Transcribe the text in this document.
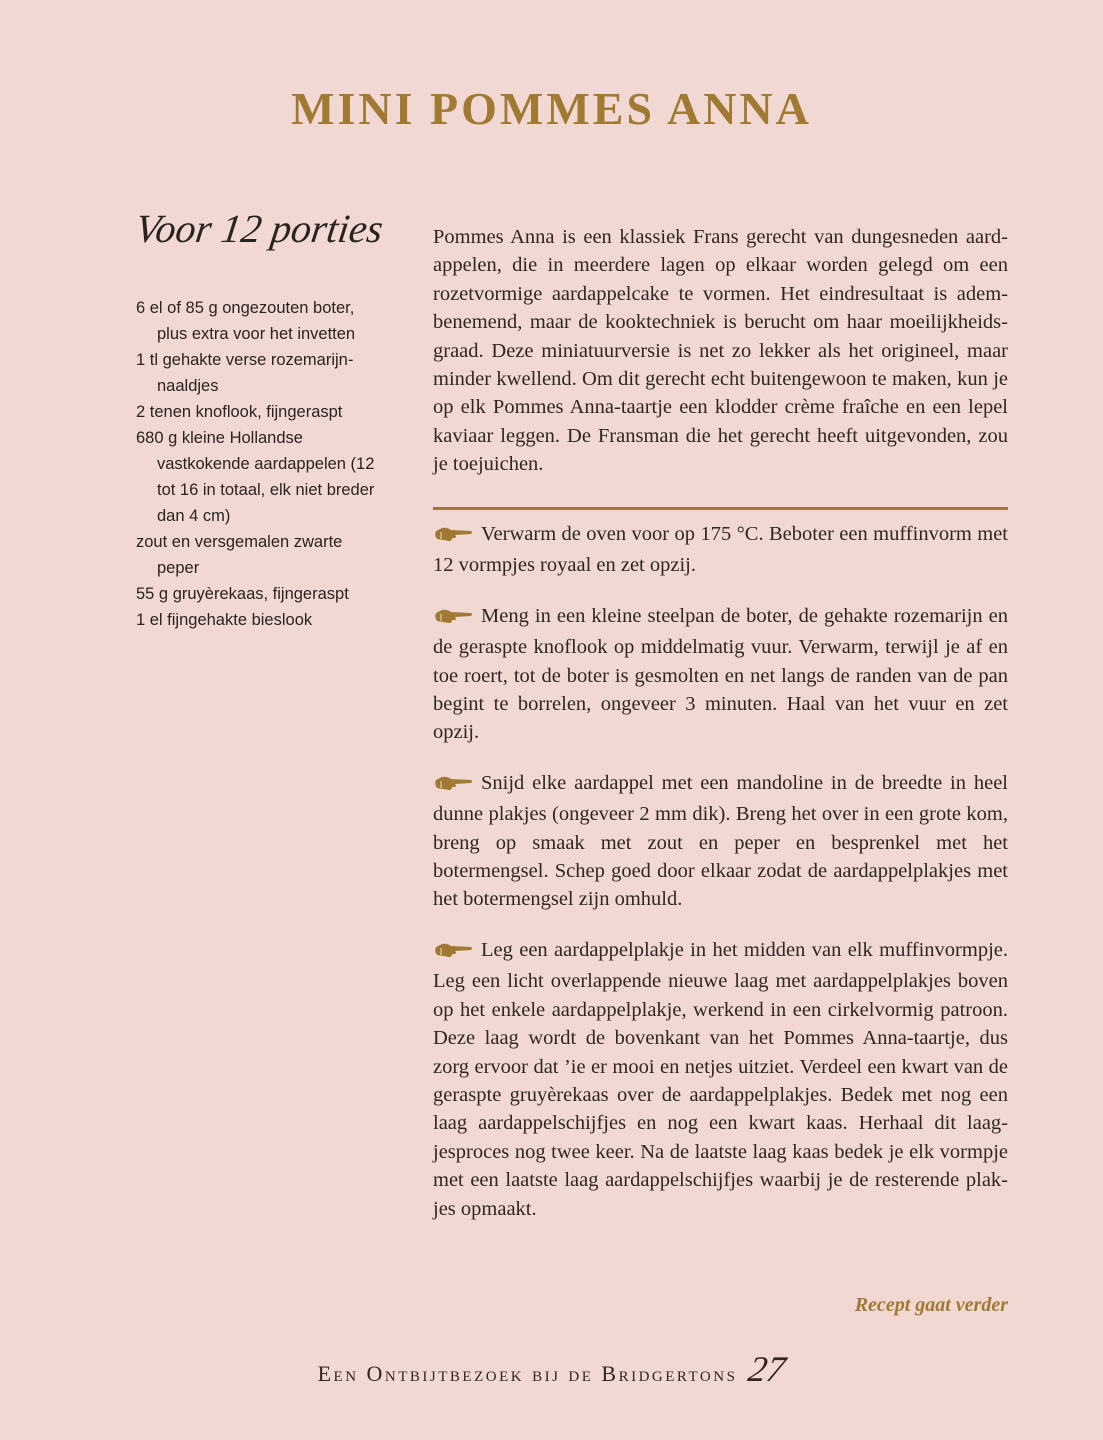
MINI POMMES ANNA
Voor 12 porties
6 el of 85 g ongezouten boter, plus extra voor het invetten
1 tl gehakte verse rozemarijnnaaldjes
2 tenen knoflook, fijngeraspt
680 g kleine Hollandse vastkokende aardappelen (12 tot 16 in totaal, elk niet breder dan 4 cm)
zout en versgemalen zwarte peper
55 g gruyèrekaas, fijngeraspt
1 el fijngehakte bieslook

Pommes Anna is een klassiek Frans gerecht van dungesneden aardappelen, die in meerdere lagen op elkaar worden gelegd om een rozetvormige aardappelcake te vormen. Het eindresultaat is adembenemend, maar de kooktechniek is berucht om haar moeilijkheidsgraad. Deze miniatuurversie is net zo lekker als het origineel, maar minder kwellend. Om dit gerecht echt buitengewoon te maken, kun je op elk Pommes Anna-taartje een klodder crème fraîche en een lepel kaviaar leggen. De Fransman die het gerecht heeft uitgevonden, zou je toejuichen.

Verwarm de oven voor op 175 °C. Beboter een muffinvorm met 12 vormpjes royaal en zet opzij.

Meng in een kleine steelpan de boter, de gehakte rozemarijn en de geraspte knoflook op middelmatig vuur. Verwarm, terwijl je af en toe roert, tot de boter is gesmolten en net langs de randen van de pan begint te borrelen, ongeveer 3 minuten. Haal van het vuur en zet opzij.

Snijd elke aardappel met een mandoline in de breedte in heel dunne plakjes (ongeveer 2 mm dik). Breng het over in een grote kom, breng op smaak met zout en peper en besprenkel met het botermengsel. Schep goed door elkaar zodat de aardappelplakjes met het botermengsel zijn omhuld.

Leg een aardappelplakje in het midden van elk muffinvormpje. Leg een licht overlappende nieuwe laag met aardappelplakjes boven op het enkele aardappelplakje, werkend in een cirkelvormig patroon. Deze laag wordt de bovenkant van het Pommes Anna-taartje, dus zorg ervoor dat ’ie er mooi en netjes uitziet. Verdeel een kwart van de geraspte gruyèrekaas over de aardappelplakjes. Bedek met nog een laag aardappelschijfjes en nog een kwart kaas. Herhaal dit laagjesproces nog twee keer. Na de laatste laag kaas bedek je elk vormpje met een laatste laag aardappelschijfjes waarbij je de resterende plakjes opmaakt.

Recept gaat verder
Een Ontbijtbezoek bij de Bridgertons 27
